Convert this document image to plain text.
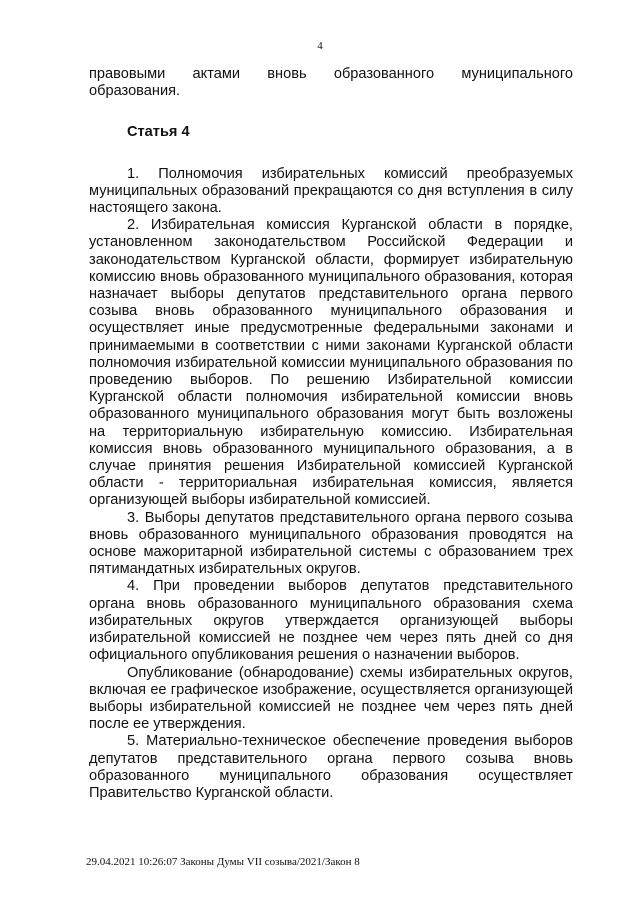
4

правовыми актами вновь образованного муниципального образования.

Статья 4

1. Полномочия избирательных комиссий преобразуемых муниципальных образований прекращаются со дня вступления в силу настоящего закона.

2. Избирательная комиссия Курганской области в порядке, установленном законодательством Российской Федерации и законодательством Курганской области, формирует избирательную комиссию вновь образованного муниципального образования, которая назначает выборы депутатов представительного органа первого созыва вновь образованного муниципального образования и осуществляет иные предусмотренные федеральными законами и принимаемыми в соответствии с ними законами Курганской области полномочия избирательной комиссии муниципального образования по проведению выборов. По решению Избирательной комиссии Курганской области полномочия избирательной комиссии вновь образованного муниципального образования могут быть возложены на территориальную избирательную комиссию. Избирательная комиссия вновь образованного муниципального образования, а в случае принятия решения Избирательной комиссией Курганской области - территориальная избирательная комиссия, является организующей выборы избирательной комиссией.

3. Выборы депутатов представительного органа первого созыва вновь образованного муниципального образования проводятся на основе мажоритарной избирательной системы с образованием трех пятимандатных избирательных округов.

4. При проведении выборов депутатов представительного органа вновь образованного муниципального образования схема избирательных округов утверждается организующей выборы избирательной комиссией не позднее чем через пять дней со дня официального опубликования решения о назначении выборов.

Опубликование (обнародование) схемы избирательных округов, включая ее графическое изображение, осуществляется организующей выборы избирательной комиссией не позднее чем через пять дней после ее утверждения.

5. Материально-техническое обеспечение проведения выборов депутатов представительного органа первого созыва вновь образованного муниципального образования осуществляет Правительство Курганской области.

29.04.2021 10:26:07 Законы Думы VII созыва/2021/Закон 8
